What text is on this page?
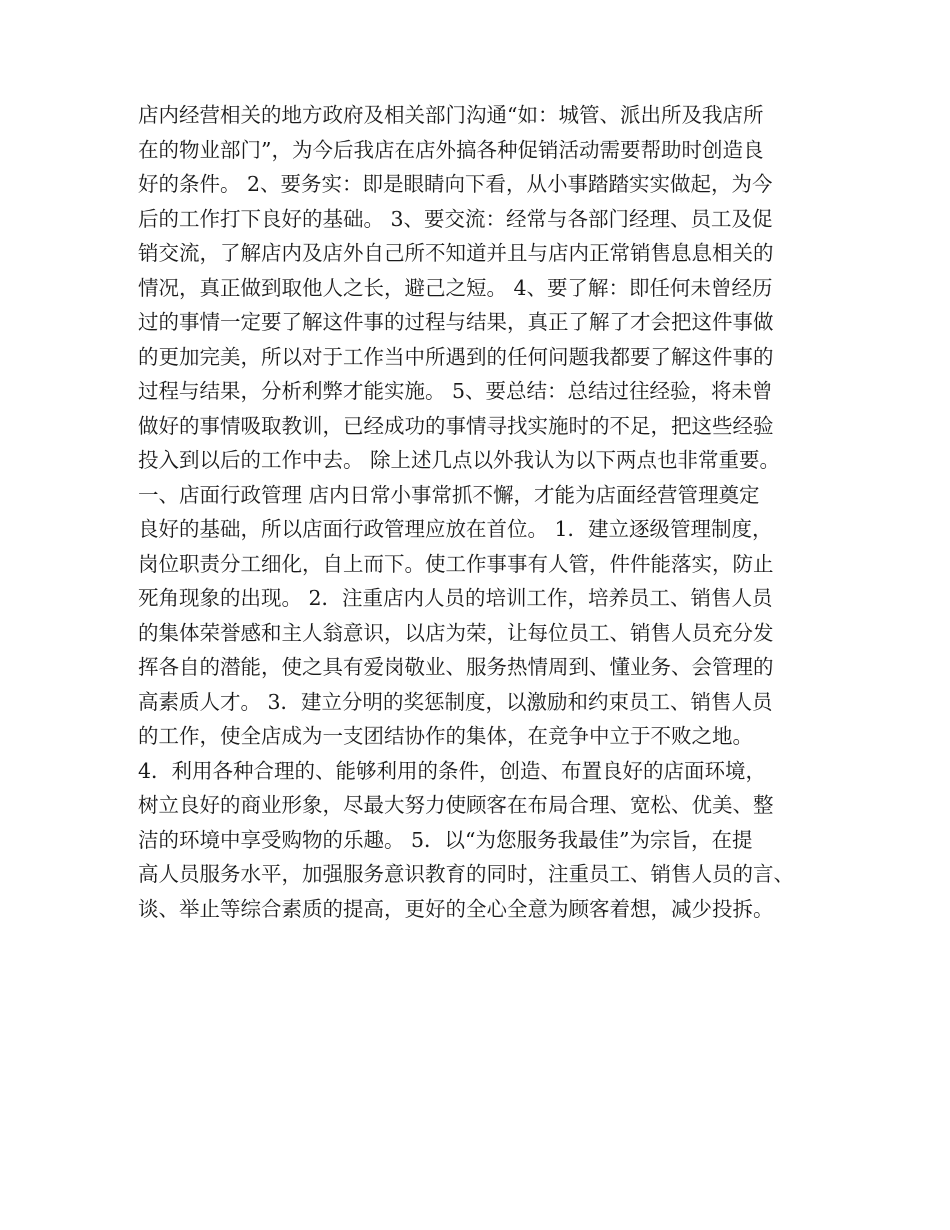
店内经营相关的地方政府及相关部门沟通“如：城管、派出所及我店所
在的物业部门”，为今后我店在店外搞各种促销活动需要帮助时创造良
好的条件。 2、要务实：即是眼睛向下看，从小事踏踏实实做起，为今
后的工作打下良好的基础。 3、要交流：经常与各部门经理、员工及促
销交流，了解店内及店外自己所不知道并且与店内正常销售息息相关的
情况，真正做到取他人之长，避己之短。 4、要了解：即任何未曾经历
过的事情一定要了解这件事的过程与结果，真正了解了才会把这件事做
的更加完美，所以对于工作当中所遇到的任何问题我都要了解这件事的
过程与结果，分析利弊才能实施。 5、要总结：总结过往经验，将未曾
做好的事情吸取教训，已经成功的事情寻找实施时的不足，把这些经验
投入到以后的工作中去。 除上述几点以外我认为以下两点也非常重要。
一、店面行政管理 店内日常小事常抓不懈，才能为店面经营管理奠定
良好的基础，所以店面行政管理应放在首位。 1．建立逐级管理制度，
岗位职责分工细化，自上而下。使工作事事有人管，件件能落实，防止
死角现象的出现。 2．注重店内人员的培训工作，培养员工、销售人员
的集体荣誉感和主人翁意识，以店为荣，让每位员工、销售人员充分发
挥各自的潜能，使之具有爱岗敬业、服务热情周到、懂业务、会管理的
高素质人才。 3．建立分明的奖惩制度，以激励和约束员工、销售人员
的工作，使全店成为一支团结协作的集体，在竞争中立于不败之地。
4．利用各种合理的、能够利用的条件，创造、布置良好的店面环境，
树立良好的商业形象，尽最大努力使顾客在布局合理、宽松、优美、整
洁的环境中享受购物的乐趣。 5．以“为您服务我最佳”为宗旨，在提
高人员服务水平，加强服务意识教育的同时，注重员工、销售人员的言、
谈、举止等综合素质的提高，更好的全心全意为顾客着想，减少投拆。
